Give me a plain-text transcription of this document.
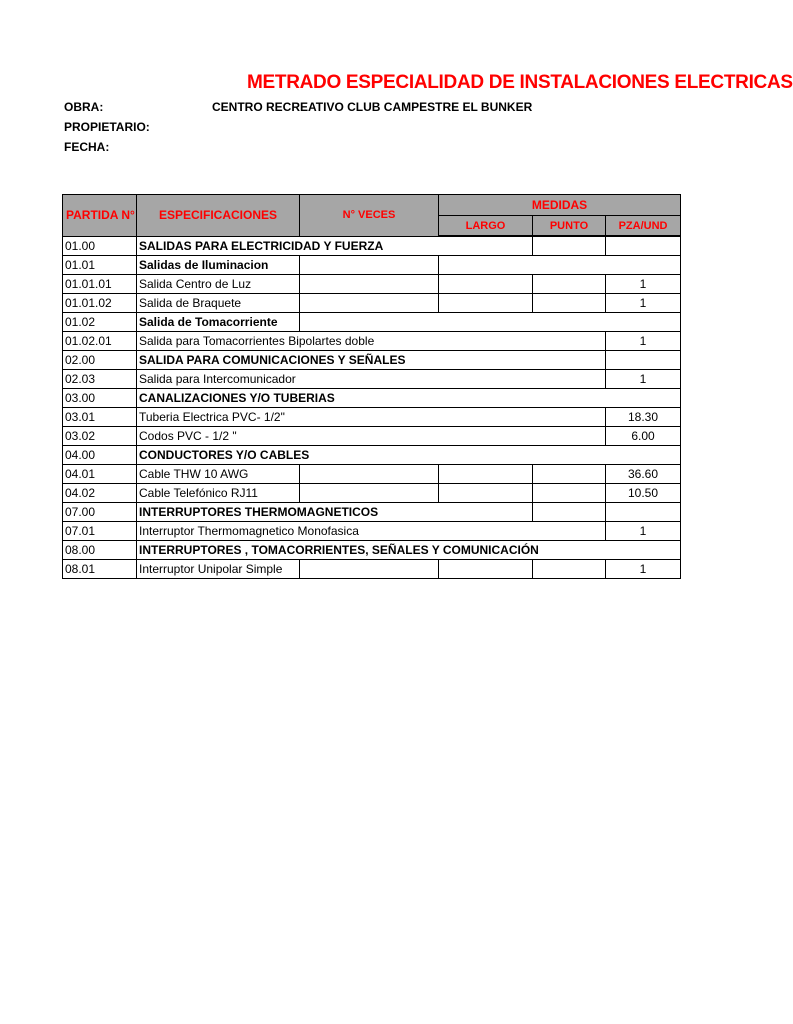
METRADO ESPECIALIDAD DE INSTALACIONES ELECTRICAS
OBRA:	CENTRO RECREATIVO CLUB CAMPESTRE EL BUNKER
PROPIETARIO:
FECHA:
PARTIDA N°	ESPECIFICACIONES	N° VECES	MEDIDAS		
			LARGO	PUNTO	PZA/UND
01.00	SALIDAS PARA ELECTRICIDAD Y FUERZA				
01.01	Salidas de Iluminacion				
01.01.01	Salida Centro de Luz				1
01.01.02	Salida de Braquete				1
01.02	Salida de Tomacorriente				
01.02.01	Salida para Tomacorrientes Bipolartes doble				1
02.00	SALIDA PARA COMUNICACIONES Y SEÑALES				
02.03	Salida para Intercomunicador				1
03.00	CANALIZACIONES Y/O TUBERIAS				
03.01	Tuberia Electrica PVC- 1/2"				18.30
03.02	Codos PVC - 1/2 "				6.00
04.00	CONDUCTORES Y/O CABLES				
04.01	Cable THW 10 AWG				36.60
04.02	Cable Telefónico RJ11				10.50
07.00	INTERRUPTORES THERMOMAGNETICOS				
07.01	Interruptor Thermomagnetico Monofasica				1
08.00	INTERRUPTORES , TOMACORRIENTES, SEÑALES Y COMUNICACIÓN				
08.01	Interruptor Unipolar Simple				1
